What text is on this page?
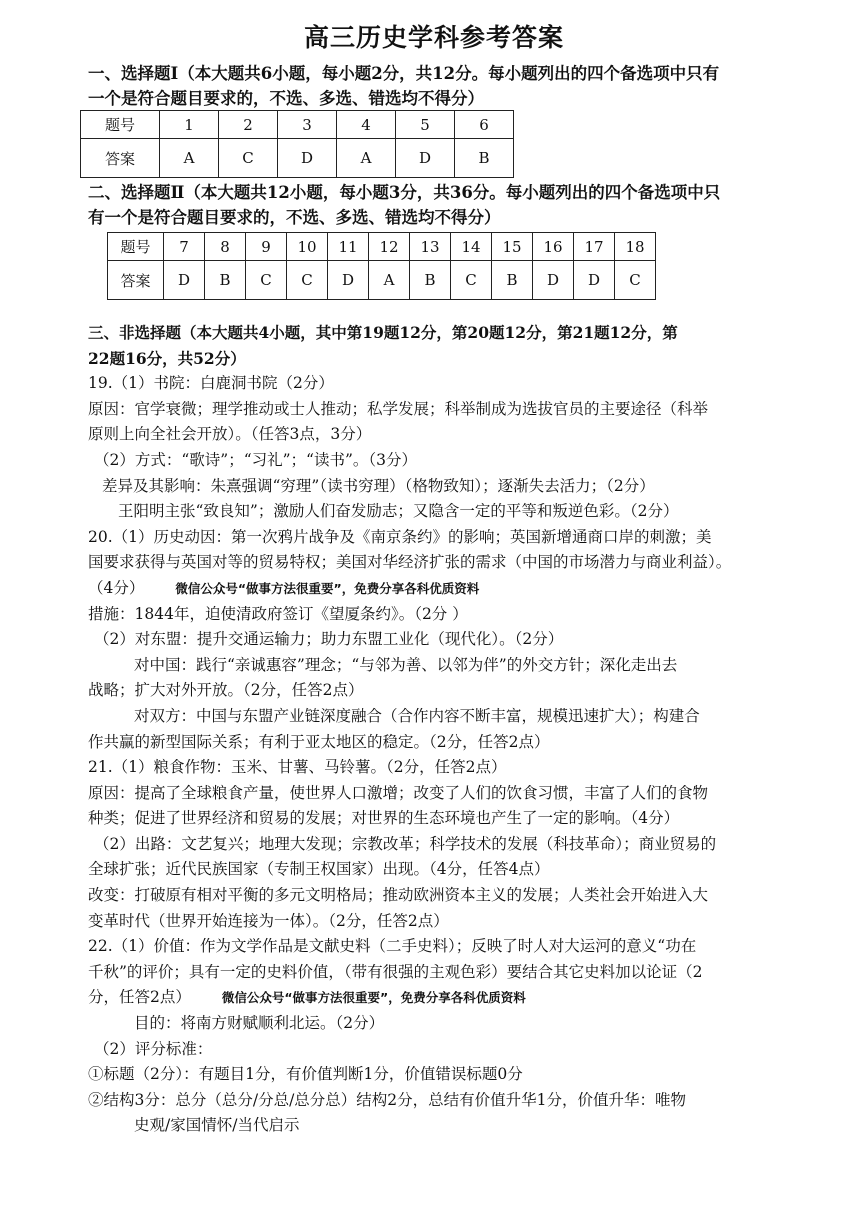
高三历史学科参考答案
一、选择题Ⅰ（本大题共6小题，每小题2分，共12分。每小题列出的四个备选项中只有
一个是符合题目要求的，不选、多选、错选均不得分）
题号	1	2	3	4	5	6
答案	A	C	D	A	D	B
二、选择题Ⅱ（本大题共12小题，每小题3分，共36分。每小题列出的四个备选项中只
有一个是符合题目要求的，不选、多选、错选均不得分）
题号	7	8	9	10	11	12	13	14	15	16	17	18
答案	D	B	C	C	D	A	B	C	B	D	D	C

三、非选择题（本大题共4小题，其中第19题12分，第20题12分，第21题12分，第

22题16分，共52分）

19.（1）书院：白鹿洞书院（2分）

原因：官学衰微；理学推动或士人推动；私学发展；科举制成为选拔官员的主要途径（科举

原则上向全社会开放）。（任答3点，3分）

（2）方式：“歌诗”；“习礼”；“读书”。（3分）

差异及其影响：朱熹强调“穷理”（读书穷理）（格物致知）；逐渐失去活力；（2分）

王阳明主张“致良知”；激励人们奋发励志；又隐含一定的平等和叛逆色彩。（2分）

20.（1）历史动因：第一次鸦片战争及《南京条约》的影响；英国新增通商口岸的刺激；美

国要求获得与英国对等的贸易特权；美国对华经济扩张的需求（中国的市场潜力与商业利益）。

（4分） 微信公众号“做事方法很重要”，免费分享各科优质资料

措施：1844年，迫使清政府签订《望厦条约》。（2分 ）

（2）对东盟：提升交通运输力；助力东盟工业化（现代化）。（2分）

对中国：践行“亲诚惠容”理念；“与邻为善、以邻为伴”的外交方针；深化走出去

战略；扩大对外开放。（2分，任答2点）

对双方：中国与东盟产业链深度融合（合作内容不断丰富，规模迅速扩大）；构建合

作共赢的新型国际关系；有利于亚太地区的稳定。（2分，任答2点）

21.（1）粮食作物：玉米、甘薯、马铃薯。（2分，任答2点）

原因：提高了全球粮食产量，使世界人口激增；改变了人们的饮食习惯，丰富了人们的食物

种类；促进了世界经济和贸易的发展；对世界的生态环境也产生了一定的影响。（4分）

（2）出路：文艺复兴；地理大发现；宗教改革；科学技术的发展（科技革命）；商业贸易的

全球扩张；近代民族国家（专制王权国家）出现。（4分，任答4点）

改变：打破原有相对平衡的多元文明格局；推动欧洲资本主义的发展；人类社会开始进入大

变革时代（世界开始连接为一体）。（2分，任答2点）

22.（1）价值：作为文学作品是文献史料（二手史料）；反映了时人对大运河的意义“功在

千秋”的评价；具有一定的史料价值，（带有很强的主观色彩）要结合其它史料加以论证（2

分，任答2点） 微信公众号“做事方法很重要”，免费分享各科优质资料

目的：将南方财赋顺利北运。（2分）

（2）评分标准：

①标题（2分）：有题目1分，有价值判断1分，价值错误标题0分

②结构3分：总分（总分/分总/总分总）结构2分，总结有价值升华1分，价值升华：唯物

史观/家国情怀/当代启示
